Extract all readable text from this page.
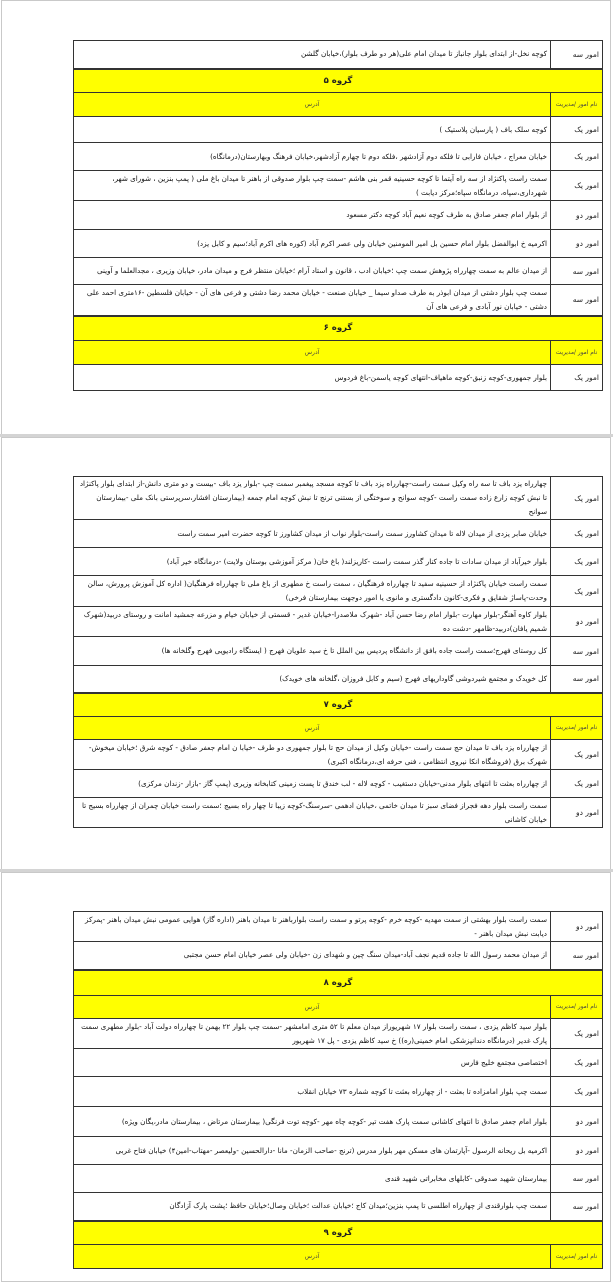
امور سه	کوچه نخل-از ابتدای بلوار جانباز تا میدان امام علی(هر دو طرف بلوار)،خیابان گلشن
گروه ۵	
نام امور /مدیریت	آدرس
امور یک	کوچه سلک باف ( پارسیان پلاستیک )
امور یک	خیابان معراج ، خیابان فارابی تا فلکه دوم آزادشهر ،فلکه دوم تا چهارم آزادشهر،خیابان فرهنگ وبهارستان(درمانگاه)
امور یک	سمت راست پاکنژاد از سه راه آیتما تا کوچه حسینیه قمر بنی هاشم -سمت چپ بلوار صدوقی از باهنر تا میدان باغ ملی ( پمپ بنزین ، شورای شهر، شهرداری،سپاه، درمانگاه سپاه؛مرکز دیابت )
امور دو	از بلوار امام جعفر صادق به طرف کوچه نعیم آباد کوچه دکتر مسعود
امور دو	اکرمیه خ ابوالفضل بلوار امام حسین بل امیر المومنین خیابان ولی عصر اکرم آباد (کوره های اکرم آباد؛سیم و کابل یزد)
امور سه	از میدان عالم به سمت چهارراه پژوهش سمت چپ ؛خیابان ادب ، قانون و استاد آرام ؛خیابان منتظر فرج و میدان مادر، خیابان وزیری ، مجدالعلما و آوینی
امور سه	سمت چپ بلوار دشتی از میدان ابوذر به طرف صداو سیما _ خیابان صنعت - خیابان محمد رضا دشتی و فرعی های آن - خیابان فلسطین -۱۶متری احمد علی دشتی - خیابان نور آبادی و فرعی های آن
گروه ۶	
نام امور /مدیریت	آدرس
امور یک	بلوار جمهوری-کوچه زنبق-کوچه ماهیاف-انتهای کوچه یاسمن-باغ فردوس
امور یک	چهارراه یزد باف تا سه راه وکیل سمت راست-چهارراه یزد باف تا کوچه مسجد پیغمبر سمت چپ -بلوار یزد باف -بیست و دو متری دانش-از ابتدای بلوار پاکنژاد تا نبش کوچه زارع زاده سمت راست -کوچه سوانح و سوختگی از بستنی ترنج تا نبش کوچه امام جمعه (بیمارستان افشار،سرپرستی بانک ملی -بیمارستان سوانح
امور یک	خیابان صابر یزدی از میدان لاله تا میدان کشاورز سمت راست-بلوار نواب از میدان کشاورز تا کوچه حضرت امیر سمت راست
امور یک	بلوار خیرآباد از میدان سادات تا جاده کنار گذر سمت راست -کاریزلند( باغ خان( مرکز آموزشی بوستان ولایت) -درمانگاه خیر آباد)
امور یک	سمت راست خیابان پاکنژاد از حسینیه سفید تا چهارراه فرهنگیان ، سمت راست خ مطهری از باغ ملی تا چهارراه فرهنگیان( اداره کل آموزش پرورش، سالن وحدت-پاساژ شقایق و فکری-کانون دادگستری و مانوی یا امور دوجهت بیمارستان فرخی)
امور دو	بلوار کاوه آهنگر-بلوار مهارت -بلوار امام رضا حسن آباد -شهرک ملاصدرا-خیابان غدیر - قسمتی از خیابان خیام و مزرعه جمشید امانت و روستای دربید(شهرک شمیم یافان)دربید-ظامهر -دشت ده
امور سه	کل روستای فهرج؛سمت راست جاده بافق از دانشگاه پردیس بین الملل تا خ سید علویان فهرج ( ایستگاه رادیویی فهرج وگلخانه ها)
امور سه	کل خویدک و مجتمع شیردوشی گاوداریهای فهرج (سیم و کابل فروزان ،گلخانه های خویدک)
گروه ۷	
نام امور /مدیریت	آدرس
امور یک	از چهارراه یزد باف تا میدان حج سمت راست -خیابان وکیل از میدان حج تا بلوار جمهوری دو طرف -خیابا ن امام جعفر صادق - کوچه شرق ؛خیابان میخوش-شهرک برق (فروشگاه انکا نیروی انتظامی ، فنی حرفه ای،درمانگاه اکبری)
امور یک	از چهارراه بعثت تا انتهای بلوار مدنی-خیابان دستغیب - کوچه لاله - لب خندق تا پست زمینی کتابخانه وزیری (پمپ گاز -بازار -زندان مرکزی)
امور دو	سمت راست بلوار دهه فجراز فضای سبز تا میدان خاتمی ،خیابان ادهمی -سرسنگ-کوچه زیبا تا چهار راه بسیج ؛سمت راست خیابان چمران از چهارراه بسیج تا خیابان کاشانی
امور دو	سمت راست بلوار بهشتی از سمت مهدیه -کوچه خرم -کوچه پرتو و سمت راست بلوارباهنر تا میدان باهنر (اداره گاز) هوایی عمومی نبش میدان باهنر -پمرکز دیابت نبش میدان باهنر -
امور سه	از میدان محمد رسول الله تا جاده قدیم نجف آباد-میدان سنگ چین و شهدای زن -خیابان ولی عصر خیابان امام حسن مجتبی
گروه ۸	
نام امور /مدیریت	آدرس
امور یک	بلوار سید کاظم یزدی ، سمت راست بلوار ۱۷ شهریوراز میدان معلم تا ۵۲ متری امامشهر -سمت چپ بلوار ۲۲ بهمن تا چهارراه دولت آباد -بلوار مطهری سمت پارک غدیر (درمانگاه دندانپزشکی امام خمینی(ره)) خ سید کاظم یزدی - پل ۱۷ شهریور
امور یک	اختصاصی مجتمع خلیج فارس
امور یک	سمت چپ بلوار امامزاده تا بعثت - از چهارراه بعثت تا کوچه شماره ۷۳ خیابان انقلاب
امور دو	بلوار امام جعفر صادق تا انتهای کاشانی سمت پارک هفت تیر -کوچه چاه مهر -کوچه توت فرنگی( بیمارستان مرتاض ، بیمارستان مادر،یگان ویژه)
امور دو	اکرمیه بل ریحانه الرسول -آپارتمان های مسکن مهر بلوار مدرس (ترنج -صاحب الزمان- مانا -دارالحسین -ولیعصر -مهتاب-امین۴) خیابان فتاح غربی
امور سه	بیمارستان شهید صدوقی -کابلهای مخابراتی شهید قندی
امور سه	سمت چپ بلوارقندی از چهارراه اطلسی تا پمپ بنزین؛میدان کاج ؛خیابان عدالت ؛خیابان وصال؛خیابان حافظ ؛پشت پارک آزادگان
گروه ۹	
نام امور /مدیریت	آدرس
